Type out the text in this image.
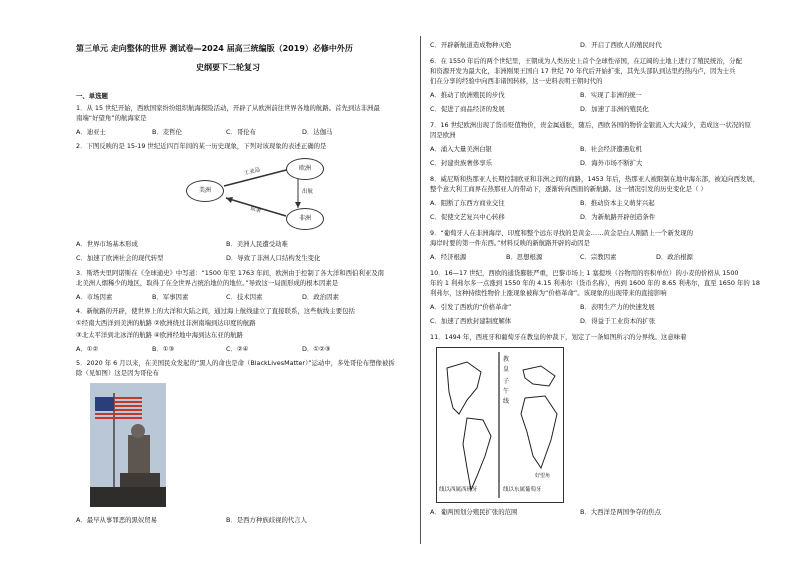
第三单元 走向整体的世界 测试卷—2024 届高三统编版（2019）必修中外历
史纲要下二轮复习
一、单选题
1．从 15 世纪开始，西欧国家纷纷组织航海探险活动，开辟了从欧洲前往世界各地的航路。首先到达非洲最
南端“好望角”的航海家是
A．迪亚士	B．麦哲伦	C．哥伦布	D．达伽马
2．下图反映的是 15-19 世纪近四百年间的某一历史现象，下列对该现象的表述正确的是
美洲
欧洲
非洲
工业品
出航
奴隶
A．世界市场基本形成	B．美洲人民遭受劫难
C．加速了欧洲社会的现代转型	D．导致了非洲人口结构发生变化
3．斯塔夫里阿诺斯在《全球通史》中写道：“1500 年至 1763 年间，欧洲由于控制了各大洋和西伯利亚及南
北美洲人烟稀少的地区，取得了在全世界占统治地位的地位。”导致这一局面形成的根本因素是
A．市场因素	B．军事因素	C．技术因素	D．政治因素
4．新航路的开辟，使世界上的大洋和大陆之间，通过海上航线建立了直接联系，这些航线主要包括
①经南大西洋到美洲的航路 ②欧洲绕过非洲南端到达印度的航路
③北太平洋到北冰洋的航路 ④欧洲经地中海到达东亚的航路
A．①②	B．①③	C．②④	D．①②③
5．2020 年 6 月以来，在美国民众发起的“黑人的命也是命（BlackLivesMatter）”运动中，多处哥伦布塑像被拆
除（见如图）这是因为哥伦布
A．最早从事罪恶的黑奴贸易	B．是西方种族歧视的代言人
C．开辟新航道造成物种灭绝	D．开启了西欧人的殖民时代
6．在 1550 年后的两个世纪里，王朝成为人类历史上首个全球性帝国，在辽阔的土地上进行了殖民统治，分配
和资源开发为最大化，非洲刚果王国自 17 世纪 70 年代后开始扩张，其先头部队到达里约热内卢，因为士兵
们在分享的经验中向西非诸国转移，这一史料表明王朝时代的
A．推动了欧洲殖民的步伐	B．实现了非洲的统一
C．促进了商品经济的发展	D．加速了非洲的殖民化
7．16 世纪欧洲出现了货币贬值物价，贵金属通胀，随后，西欧各国的物价金银流入大大减少，造成这一状况的原
因是欧洲
A．涌入大量美洲白银	B．社会经济遭遇危机
C．封建贵族奢侈享乐	D．海外市场不断扩大
8．威尼斯和热那亚人长期控制欧亚和非洲之间的商路，1453 年后，热那亚人被限制在地中海东部，被迫向西发展，
整个意大利工商界在热那亚人的带动下，逐渐转向西面的新航路。这一情况引发的历史变化是（ ）
A．阻断了东西方商业交往	B．推动资本主义萌芽兴起
C．促使文艺复兴中心转移	D．为新航路开辟创造条件
9．“葡萄牙人在非洲海岸、印度和整个远东寻找的是黄金……黄金是白人刚踏上一个新发现的
海岸时要的第一件东西。”材料反映的新航路开辟的动因是
A．经济根源	B．思想根源	C．宗教因素	D．政治根源
10．16—17 世纪，西欧的通货膨胀严重，巴黎市场上 1 塞提埃（谷物用的容积单位）的小麦的价格从 1500
年的 1 利弗尔多一点涨到 1550 年的 4.15 利弗尔（货币名称），再到 1600 年的 8.65 利弗尔，直至 1650 年的 18
利弗尔，这种持续性物价上涨现象被称为“价格革命”。该现象的出现带来的直接影响
A．引发了西欧的“价格革命”	B．表明生产力的快速发展
C．加速了西欧封建制度解体	D．得益于工业资本的扩张
11．1494 年，西班牙和葡萄牙在教皇的仲裁下，划定了一条如图所示的分界线。这意味着
教
皇
子
午
线
线以西属西班牙	线以东属葡萄牙
好望角
A．葡两国划分殖民扩张的范围	B．大西洋是两国争夺的焦点
